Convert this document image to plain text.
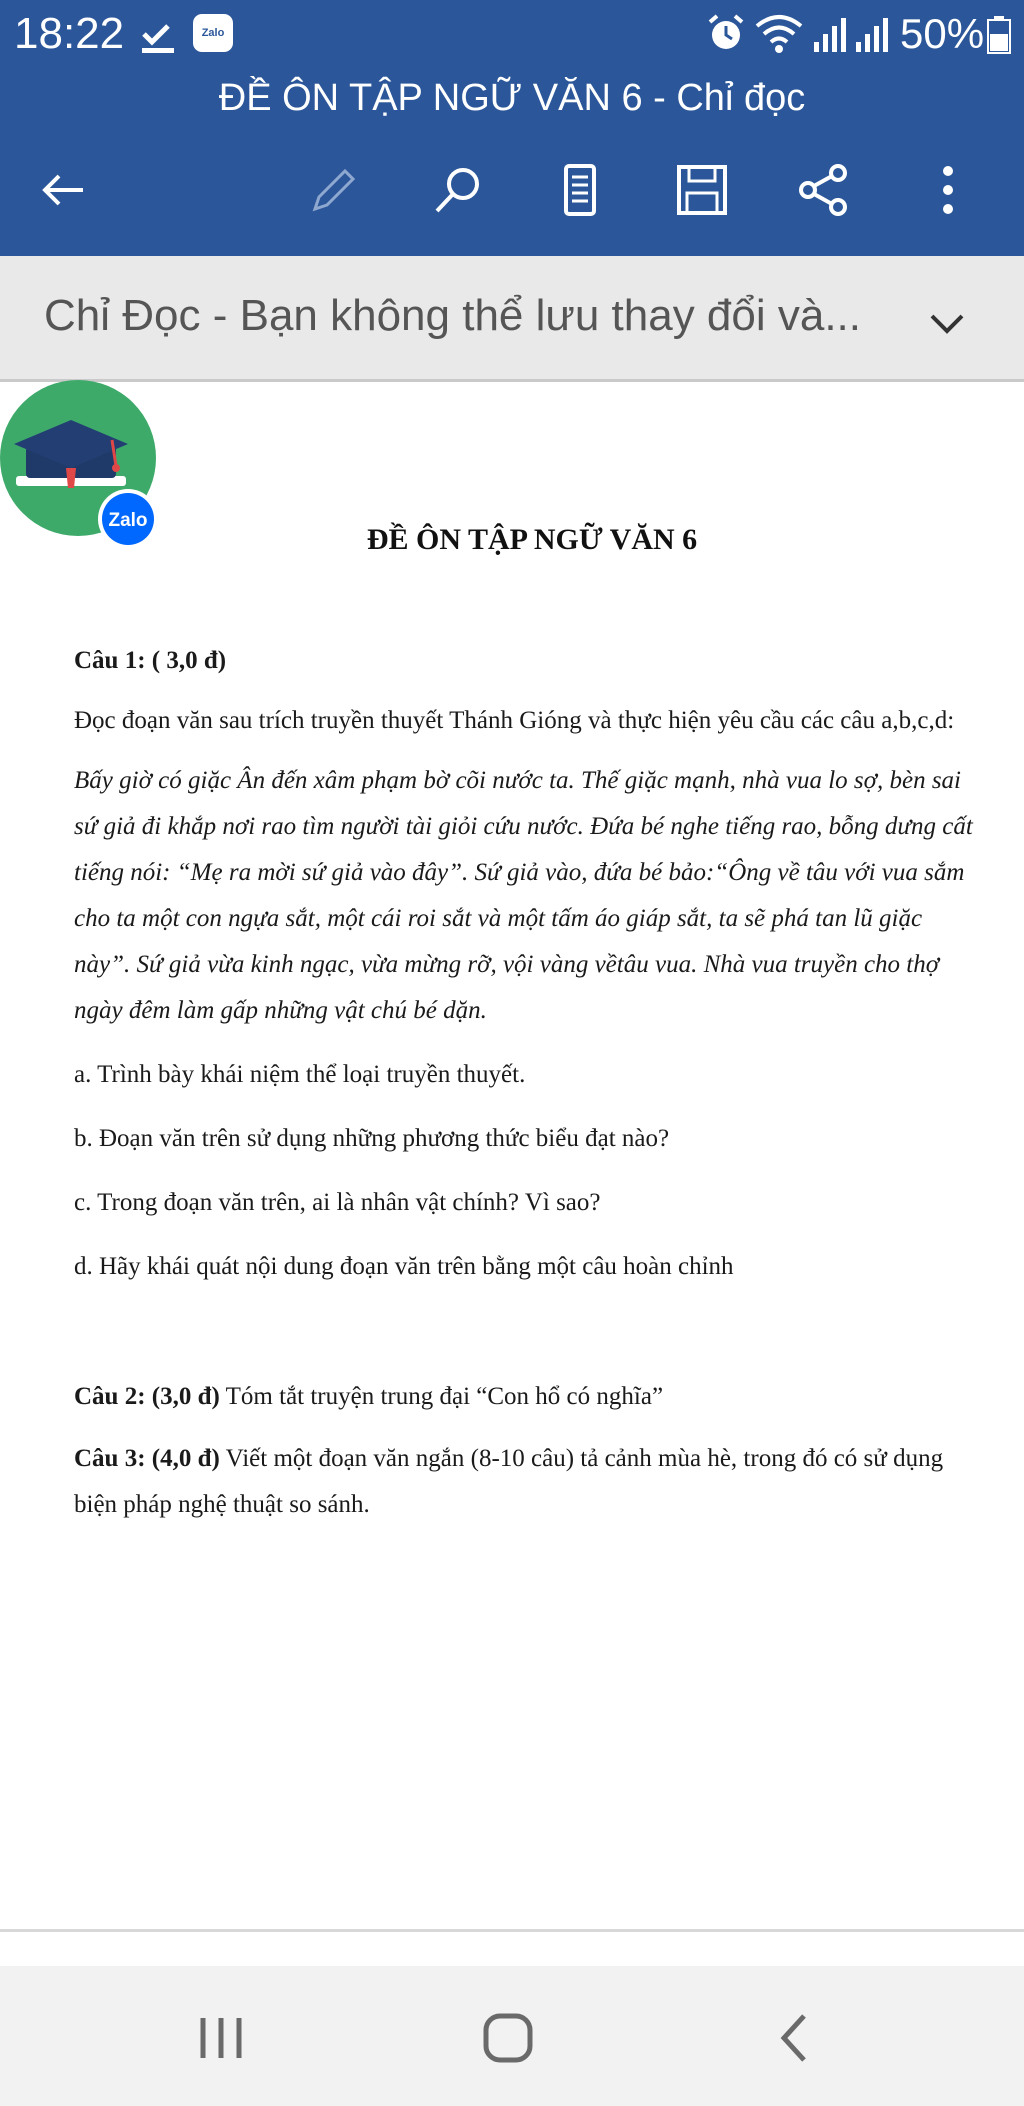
18:22	Zalo	50%
ĐỀ ÔN TẬP NGỮ VĂN 6 - Chỉ đọc
Chỉ Đọc - Bạn không thể lưu thay đổi và...
ĐỀ ÔN TẬP NGỮ VĂN 6

Câu 1: ( 3,0 đ)

Đọc đoạn văn sau trích truyền thuyết Thánh Gióng và thực hiện yêu cầu các câu a,b,c,d:

Bấy giờ có giặc Ân đến xâm phạm bờ cõi nước ta. Thế giặc mạnh, nhà vua lo sợ, bèn sai sứ giả đi khắp nơi rao tìm người tài giỏi cứu nước. Đứa bé nghe tiếng rao, bỗng dưng cất tiếng nói: “Mẹ ra mời sứ giả vào đây”. Sứ giả vào, đứa bé bảo:“Ông về tâu với vua sắm cho ta một con ngựa sắt, một cái roi sắt và một tấm áo giáp sắt, ta sẽ phá tan lũ giặc này”. Sứ giả vừa kinh ngạc, vừa mừng rỡ, vội vàng vềtâu vua. Nhà vua truyền cho thợ ngày đêm làm gấp những vật chú bé dặn.

a. Trình bày khái niệm thể loại truyền thuyết.

b. Đoạn văn trên sử dụng những phương thức biểu đạt nào?

c. Trong đoạn văn trên, ai là nhân vật chính? Vì sao?

d. Hãy khái quát nội dung đoạn văn trên bằng một câu hoàn chỉnh

Câu 2: (3,0 đ) Tóm tắt truyện trung đại “Con hổ có nghĩa”

Câu 3: (4,0 đ) Viết một đoạn văn ngắn (8-10 câu) tả cảnh mùa hè, trong đó có sử dụng biện pháp nghệ thuật so sánh.

Zalo
